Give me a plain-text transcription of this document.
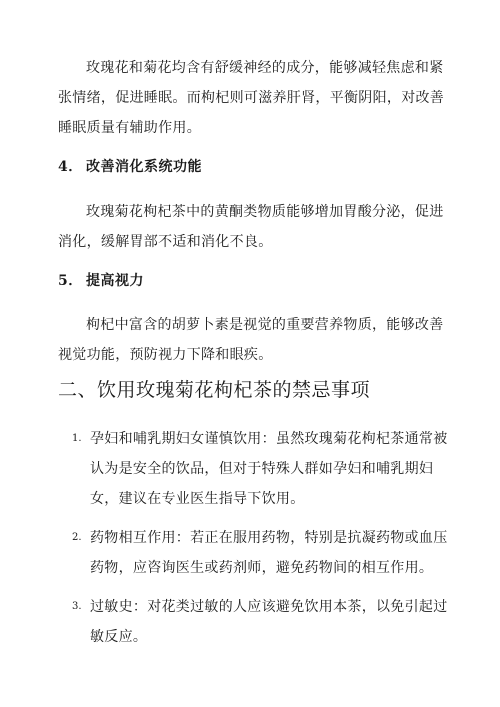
玫瑰花和菊花均含有舒缓神经的成分，能够减轻焦虑和紧张情绪，促进睡眠。而枸杞则可滋养肝肾，平衡阴阳，对改善睡眠质量有辅助作用。

4． 改善消化系统功能

玫瑰菊花枸杞茶中的黄酮类物质能够增加胃酸分泌，促进消化，缓解胃部不适和消化不良。

5． 提高视力

枸杞中富含的胡萝卜素是视觉的重要营养物质，能够改善视觉功能，预防视力下降和眼疾。

二、饮用玫瑰菊花枸杞茶的禁忌事项
1. 孕妇和哺乳期妇女谨慎饮用：虽然玫瑰菊花枸杞茶通常被认为是安全的饮品，但对于特殊人群如孕妇和哺乳期妇女，建议在专业医生指导下饮用。
2. 药物相互作用：若正在服用药物，特别是抗凝药物或血压药物，应咨询医生或药剂师，避免药物间的相互作用。
3. 过敏史：对花类过敏的人应该避免饮用本茶，以免引起过敏反应。
